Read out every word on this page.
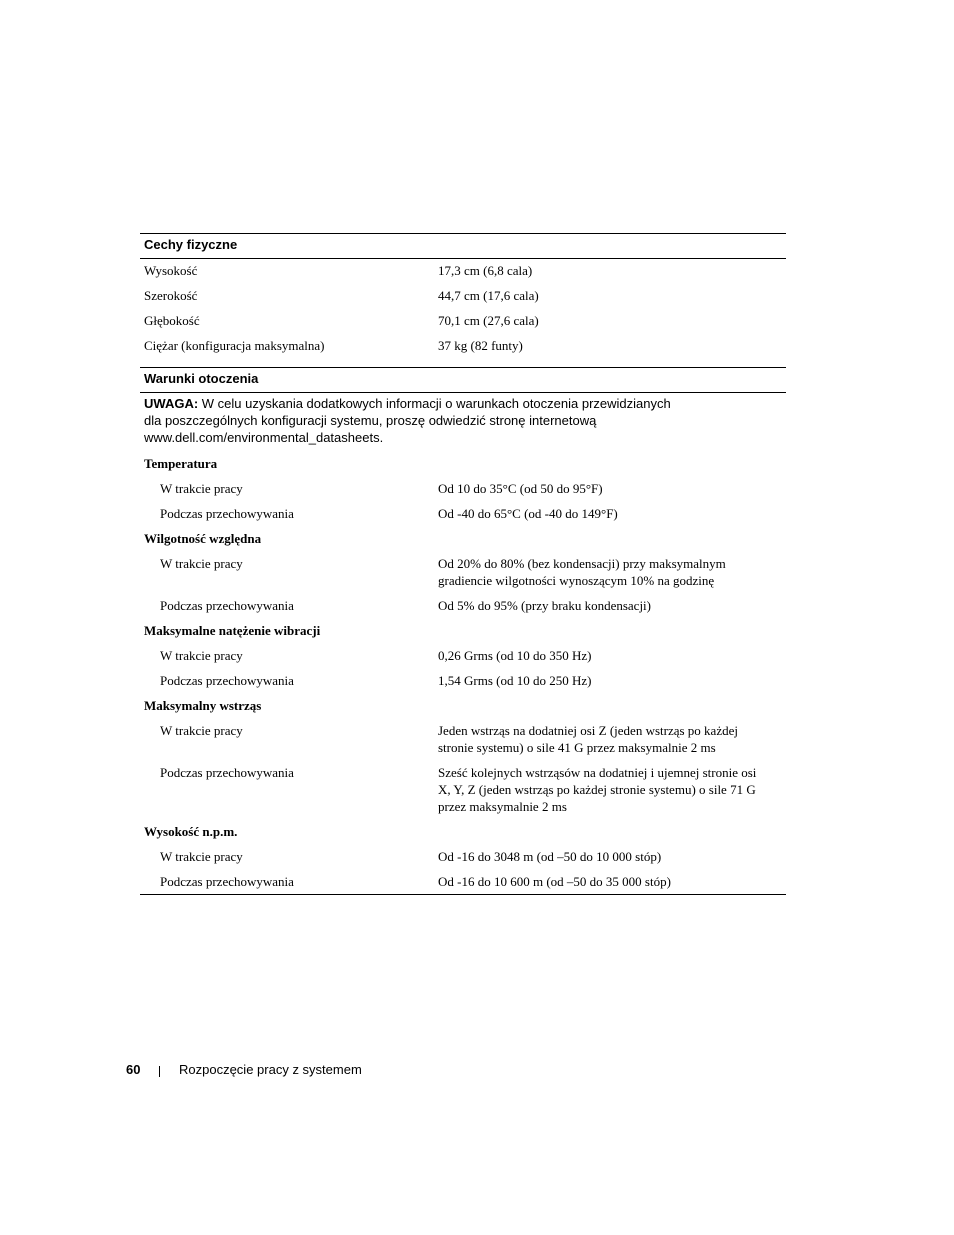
Cechy fizyczne
Wysokość	17,3 cm (6,8 cala)
Szerokość	44,7 cm (17,6 cala)
Głębokość	70,1 cm (27,6 cala)
Ciężar (konfiguracja maksymalna)	37 kg (82 funty)
Warunki otoczenia
UWAGA: W celu uzyskania dodatkowych informacji o warunkach otoczenia przewidzianych
dla poszczególnych konfiguracji systemu, proszę odwiedzić stronę internetową
www.dell.com/environmental_datasheets.
Temperatura
W trakcie pracy	Od 10 do 35°C (od 50 do 95°F)
Podczas przechowywania	Od -40 do 65°C (od -40 do 149°F)
Wilgotność względna
W trakcie pracy	Od 20% do 80% (bez kondensacji) przy maksymalnym
gradiencie wilgotności wynoszącym 10% na godzinę
Podczas przechowywania	Od 5% do 95% (przy braku kondensacji)
Maksymalne natężenie wibracji
W trakcie pracy	0,26 Grms (od 10 do 350 Hz)
Podczas przechowywania	1,54 Grms (od 10 do 250 Hz)
Maksymalny wstrząs
W trakcie pracy	Jeden wstrząs na dodatniej osi Z (jeden wstrząs po każdej
stronie systemu) o sile 41 G przez maksymalnie 2 ms
Podczas przechowywania	Sześć kolejnych wstrząsów na dodatniej i ujemnej stronie osi
X, Y, Z (jeden wstrząs po każdej stronie systemu) o sile 71 G
przez maksymalnie 2 ms
Wysokość n.p.m.
W trakcie pracy	Od -16 do 3048 m (od –50 do 10 000 stóp)
Podczas przechowywania	Od -16 do 10 600 m (od –50 do 35 000 stóp)
60	Rozpoczęcie pracy z systemem
